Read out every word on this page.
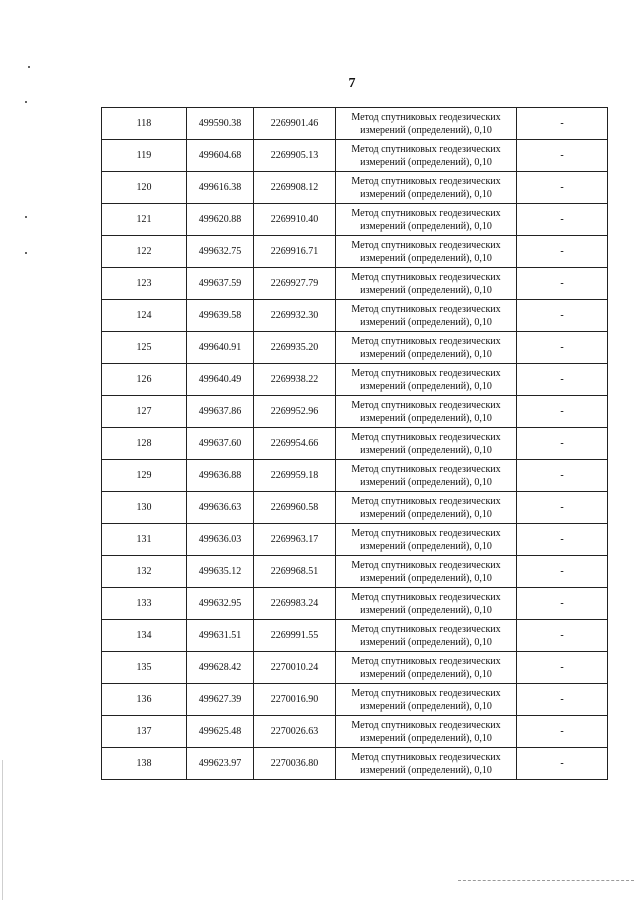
7
118	499590.38	2269901.46	Метод спутниковых геодезических измерений (определений), 0,10	-
119	499604.68	2269905.13	Метод спутниковых геодезических измерений (определений), 0,10	-
120	499616.38	2269908.12	Метод спутниковых геодезических измерений (определений), 0,10	-
121	499620.88	2269910.40	Метод спутниковых геодезических измерений (определений), 0,10	-
122	499632.75	2269916.71	Метод спутниковых геодезических измерений (определений), 0,10	-
123	499637.59	2269927.79	Метод спутниковых геодезических измерений (определений), 0,10	-
124	499639.58	2269932.30	Метод спутниковых геодезических измерений (определений), 0,10	-
125	499640.91	2269935.20	Метод спутниковых геодезических измерений (определений), 0,10	-
126	499640.49	2269938.22	Метод спутниковых геодезических измерений (определений), 0,10	-
127	499637.86	2269952.96	Метод спутниковых геодезических измерений (определений), 0,10	-
128	499637.60	2269954.66	Метод спутниковых геодезических измерений (определений), 0,10	-
129	499636.88	2269959.18	Метод спутниковых геодезических измерений (определений), 0,10	-
130	499636.63	2269960.58	Метод спутниковых геодезических измерений (определений), 0,10	-
131	499636.03	2269963.17	Метод спутниковых геодезических измерений (определений), 0,10	-
132	499635.12	2269968.51	Метод спутниковых геодезических измерений (определений), 0,10	-
133	499632.95	2269983.24	Метод спутниковых геодезических измерений (определений), 0,10	-
134	499631.51	2269991.55	Метод спутниковых геодезических измерений (определений), 0,10	-
135	499628.42	2270010.24	Метод спутниковых геодезических измерений (определений), 0,10	-
136	499627.39	2270016.90	Метод спутниковых геодезических измерений (определений), 0,10	-
137	499625.48	2270026.63	Метод спутниковых геодезических измерений (определений), 0,10	-
138	499623.97	2270036.80	Метод спутниковых геодезических измерений (определений), 0,10	-
